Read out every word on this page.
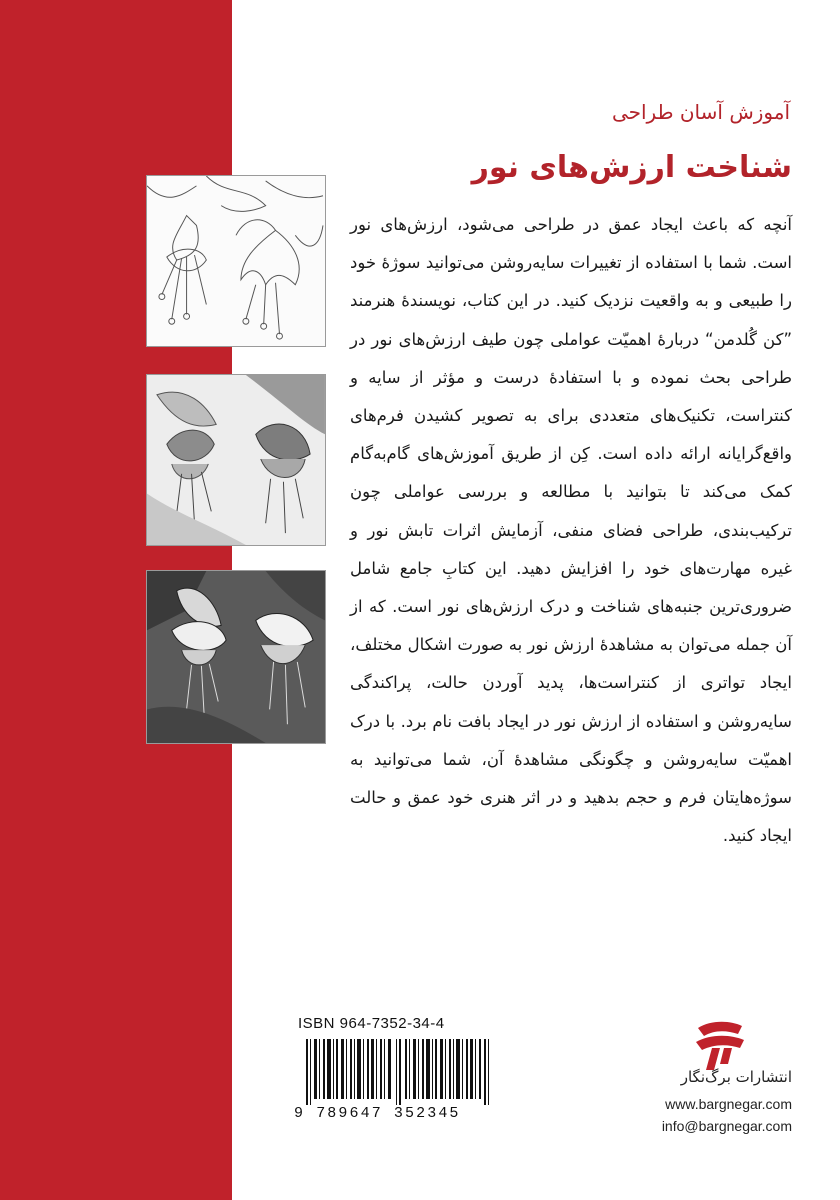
آموزش آسان طراحی
شناخت ارزش‌های نور
آنچه که باعث ایجاد عمق در طراحی می‌شود، ارزش‌های نور است. شما با استفاده از تغییرات سایه‌روشن می‌توانید سوژهٔ خود را طبیعی و به واقعیت نزدیک کنید. در این کتاب، نویسندهٔ هنرمند ”کن گُلدمن“ دربارهٔ اهمیّت عواملی چون طیف ارزش‌های نور در طراحی بحث نموده و با استفادهٔ درست و مؤثر از سایه و کنتراست، تکنیک‌های متعددی برای به تصویر کشیدن فرم‌های واقع‌گرایانه ارائه داده است. کِن از طریق آموزش‌های گام‌به‌گام کمک می‌کند تا بتوانید با مطالعه و بررسی عواملی چون ترکیب‌بندی، طراحی فضای منفی، آزمایش اثرات تابش نور و غیره مهارت‌های خود را افزایش دهید. این کتابِ جامع شامل ضروری‌ترین جنبه‌های شناخت و درک ارزش‌های نور است. که از آن جمله می‌توان به مشاهدهٔ ارزش نور به صورت اشکال مختلف، ایجاد تواتری از کنتراست‌ها، پدید آوردن حالت، پراکندگی سایه‌روشن و استفاده از ارزش نور در ایجاد بافت نام برد. با درک اهمیّت سایه‌روشن و چگونگی مشاهدهٔ آن، شما می‌توانید به سوژه‌هایتان فرم و حجم بدهید و در اثر هنری خود عمق و حالت ایجاد کنید.
ISBN 964-7352-34-4
9 789647 352345
انتشارات برگ‌نگار
www.bargnegar.com
info@bargnegar.com
